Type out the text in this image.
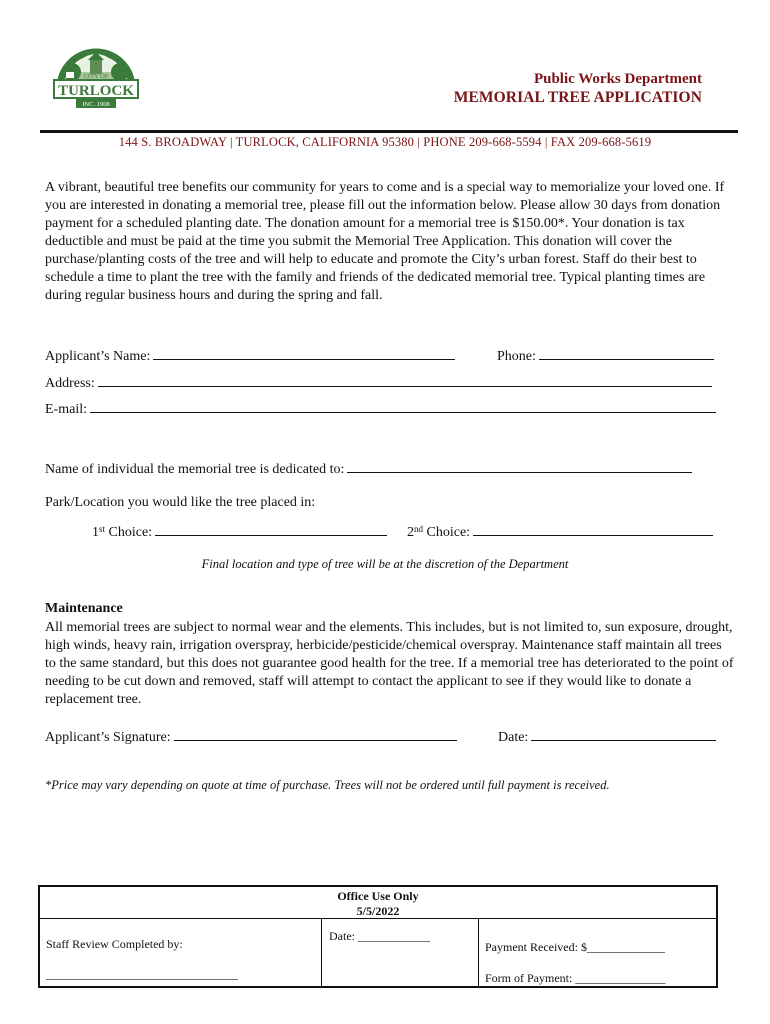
CITY OF
TURLOCK
INC. 1908
Public Works Department
MEMORIAL TREE APPLICATION
144 S. BROADWAY | TURLOCK, CALIFORNIA 95380 | PHONE 209-668-5594 | FAX 209-668-5619
A vibrant, beautiful tree benefits our community for years to come and is a special way to memorialize your loved one. If you are interested in donating a memorial tree, please fill out the information below. Please allow 30 days from donation payment for a scheduled planting date. The donation amount for a memorial tree is $150.00*. Your donation is tax deductible and must be paid at the time you submit the Memorial Tree Application. This donation will cover the purchase/planting costs of the tree and will help to educate and promote the City’s urban forest. Staff do their best to schedule a time to plant the tree with the family and friends of the dedicated memorial tree. Typical planting times are during regular business hours and during the spring and fall.
Applicant’s Name:	Phone:
Address:
E-mail:
Name of individual the memorial tree is dedicated to:
Park/Location you would like the tree placed in:
1st Choice:	2nd Choice:
Final location and type of tree will be at the discretion of the Department
Maintenance
All memorial trees are subject to normal wear and the elements. This includes, but is not limited to, sun exposure, drought, high winds, heavy rain, irrigation overspray, herbicide/pesticide/chemical overspray. Maintenance staff maintain all trees to the same standard, but this does not guarantee good health for the tree. If a memorial tree has deteriorated to the point of needing to be cut down and removed, staff will attempt to contact the applicant to see if they would like to donate a replacement tree.
Applicant’s Signature:	Date:
*Price may vary depending on quote at time of purchase. Trees will not be ordered until full payment is received.
Office Use Only
5/5/2022
Staff Review Completed by:
________________________________
Date: ____________
Payment Received: $_____________
Form of Payment: _______________
